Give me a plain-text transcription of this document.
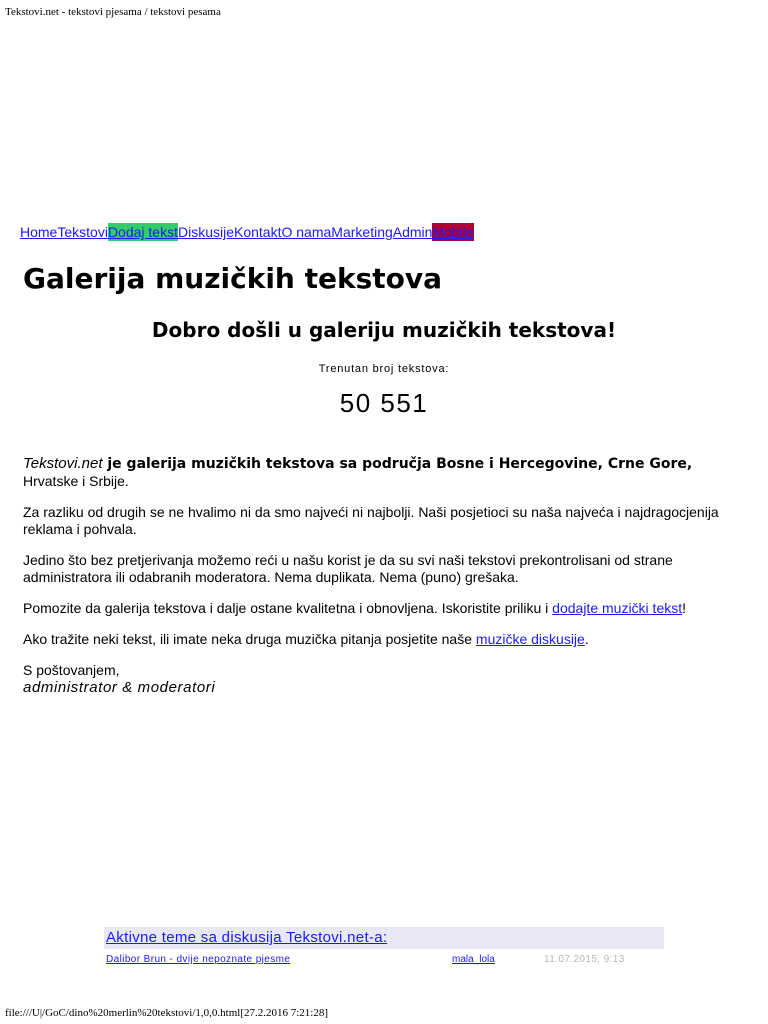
Tekstovi.net - tekstovi pjesama / tekstovi pesama
Home Tekstovi Dodaj tekst Diskusije Kontakt O nama Marketing Admin Mobile
Galerija muzičkih tekstova
Dobro došli u galeriju muzičkih tekstova!
Trenutan broj tekstova:
50 551

Tekstovi.net je galerija muzičkih tekstova sa područja Bosne i Hercegovine, Crne Gore, Hrvatske i Srbije.

Za razliku od drugih se ne hvalimo ni da smo najveći ni najbolji. Naši posjetioci su naša najveća i najdragocjenija reklama i pohvala.

Jedino što bez pretjerivanja možemo reći u našu korist je da su svi naši tekstovi prekontrolisani od strane administratora ili odabranih moderatora. Nema duplikata. Nema (puno) grešaka.

Pomozite da galerija tekstova i dalje ostane kvalitetna i obnovljena. Iskoristite priliku i dodajte muzički tekst!

Ako tražite neki tekst, ili imate neka druga muzička pitanja posjetite naše muzičke diskusije.

S poštovanjem,
administrator & moderatori

Aktivne teme sa diskusija Tekstovi.net-a:
Dalibor Brun - dvije nepoznate pjesme	mala_lola	11.07.2015, 9:13
file:///U|/GoC/dino%20merlin%20tekstovi/1,0,0.html[27.2.2016 7:21:28]
